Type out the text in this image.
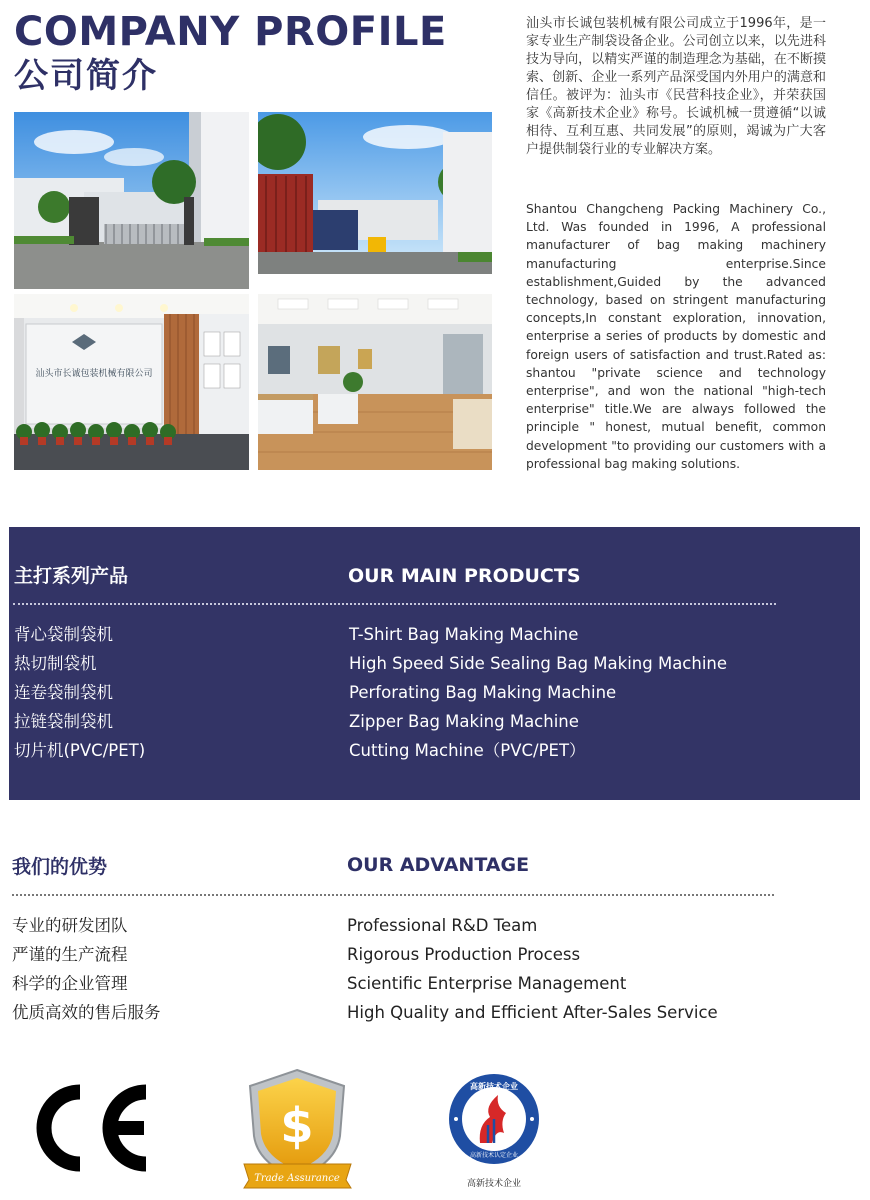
COMPANY PROFILE
公司简介
汕头市长诚包装机械有限公司成立于1996年，是一家专业生产制袋设备企业。公司创立以来，以先进科技为导向，以精实严谨的制造理念为基础，在不断摸索、创新、企业一系列产品深受国内外用户的满意和信任。被评为：汕头市《民营科技企业》，并荣获国家《高新技术企业》称号。长诚机械一贯遵循“以诚相待、互利互惠、共同发展”的原则，竭诚为广大客户提供制袋行业的专业解决方案。
Shantou Changcheng Packing Machinery Co., Ltd. Was founded in 1996, A professional manufacturer of bag making machinery manufacturing enterprise.Since establishment,Guided by the advanced technology, based on stringent manufacturing concepts,In constant exploration, innovation, enterprise a series of products by domestic and foreign users of satisfaction and trust.Rated as: shantou "private science and technology enterprise", and won the national "high-tech enterprise" title.We are always followed the principle " honest, mutual benefit, common development "to providing our customers with a professional bag making solutions.
汕头市长诚包装机械有限公司
主打系列产品	OUR MAIN PRODUCTS
背心袋制袋机
热切制袋机
连卷袋制袋机
拉链袋制袋机
切片机(PVC/PET)
T-Shirt Bag Making Machine
High Speed Side Sealing Bag Making Machine
Perforating Bag Making Machine
Zipper Bag Making Machine
Cutting Machine（PVC/PET）
我们的优势	OUR ADVANTAGE
专业的研发团队
严谨的生产流程
科学的企业管理
优质高效的售后服务
Professional R&D Team
Rigorous Production Process
Scientific Enterprise Management
High Quality and Efficient After-Sales Service
$
Trade Assurance
高新技术企业
高新技术认定企业
高新技术企业
